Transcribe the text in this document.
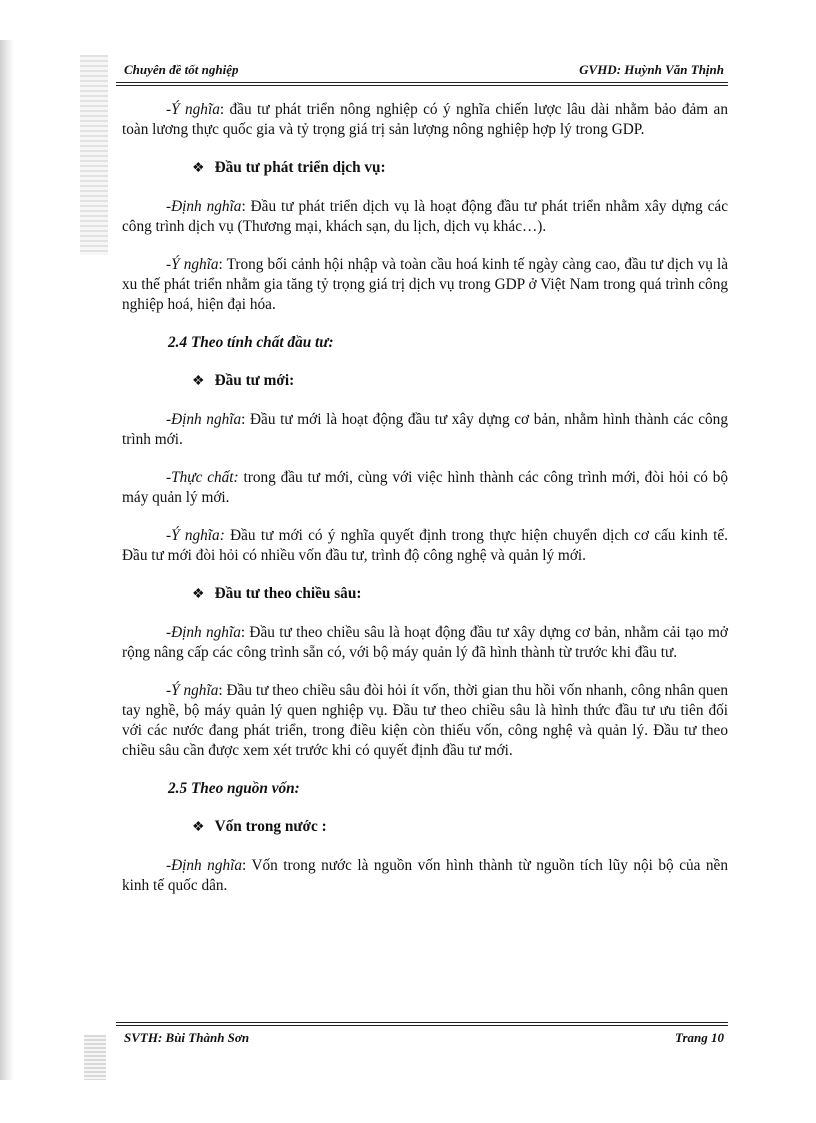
Chuyên đề tốt nghiệp	GVHD: Huỳnh Văn Thịnh

-Ý nghĩa: đầu tư phát triển nông nghiệp có ý nghĩa chiến lược lâu dài nhằm bảo đảm an toàn lương thực quốc gia và tỷ trọng giá trị sản lượng nông nghiệp hợp lý trong GDP.

❖ Đầu tư phát triển dịch vụ:

-Định nghĩa: Đầu tư phát triển dịch vụ là hoạt động đầu tư phát triển nhằm xây dựng các công trình dịch vụ (Thương mại, khách sạn, du lịch, dịch vụ khác…).

-Ý nghĩa: Trong bối cảnh hội nhập và toàn cầu hoá kinh tế ngày càng cao, đầu tư dịch vụ là xu thế phát triển nhằm gia tăng tỷ trọng giá trị dịch vụ trong GDP ở Việt Nam trong quá trình công nghiệp hoá, hiện đại hóa.

2.4 Theo tính chất đầu tư:

❖ Đầu tư mới:

-Định nghĩa: Đầu tư mới là hoạt động đầu tư xây dựng cơ bản, nhằm hình thành các công trình mới.

-Thực chất: trong đầu tư mới, cùng với việc hình thành các công trình mới, đòi hỏi có bộ máy quản lý mới.

-Ý nghĩa: Đầu tư mới có ý nghĩa quyết định trong thực hiện chuyển dịch cơ cấu kinh tế. Đầu tư mới đòi hỏi có nhiều vốn đầu tư, trình độ công nghệ và quản lý mới.

❖ Đầu tư theo chiều sâu:

-Định nghĩa: Đầu tư theo chiều sâu là hoạt động đầu tư xây dựng cơ bản, nhằm cải tạo mở rộng nâng cấp các công trình sẵn có, với bộ máy quản lý đã hình thành từ trước khi đầu tư.

-Ý nghĩa: Đầu tư theo chiều sâu đòi hỏi ít vốn, thời gian thu hồi vốn nhanh, công nhân quen tay nghề, bộ máy quản lý quen nghiệp vụ. Đầu tư theo chiều sâu là hình thức đầu tư ưu tiên đối với các nước đang phát triển, trong điều kiện còn thiếu vốn, công nghệ và quản lý. Đầu tư theo chiều sâu cần được xem xét trước khi có quyết định đầu tư mới.

2.5 Theo nguồn vốn:

❖ Vốn trong nước :

-Định nghĩa: Vốn trong nước là nguồn vốn hình thành từ nguồn tích lũy nội bộ của nền kinh tế quốc dân.

SVTH: Bùi Thành Sơn	Trang 10
